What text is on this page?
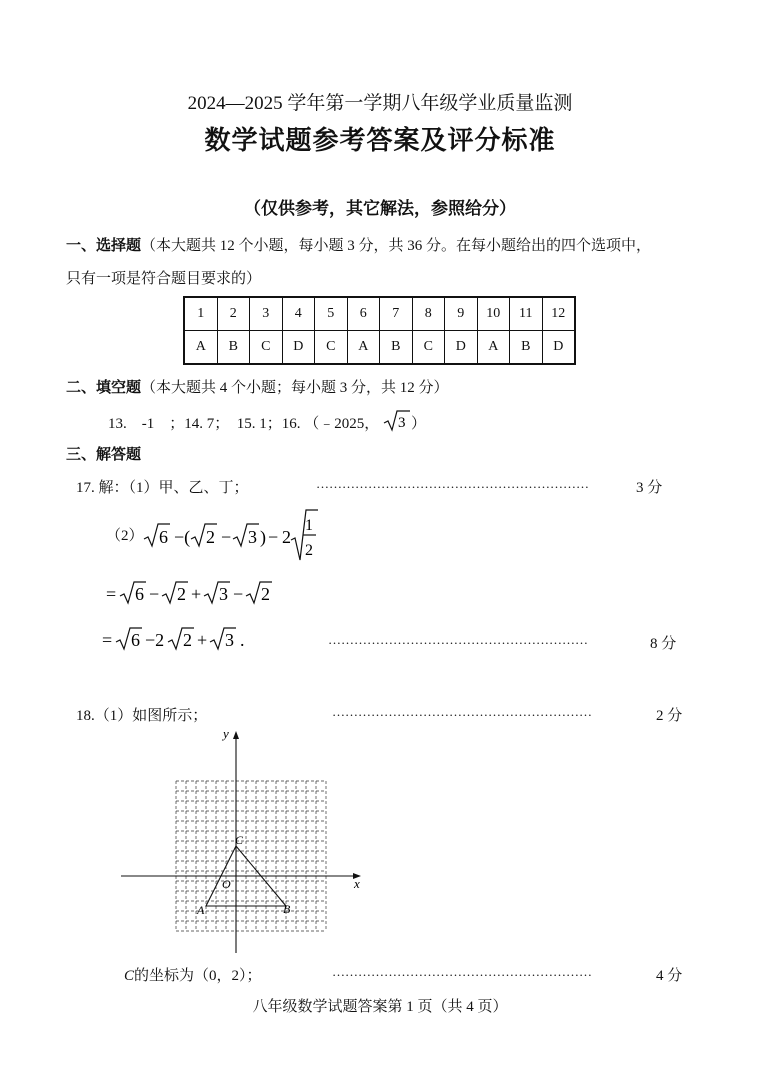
2024—2025 学年第一学期八年级学业质量监测
数学试题参考答案及评分标准
（仅供参考，其它解法，参照给分）
一、选择题（本大题共 12 个小题，每小题 3 分，共 36 分。在每小题给出的四个选项中，
只有一项是符合题目要求的）
1	2	3	4	5	6	7	8	9	10	11	12
A	B	C	D	C	A	B	C	D	A	B	D
二、填空题（本大题共 4 个小题；每小题 3 分，共 12 分）
13.　-1　；14. 7；　15. 1；16. （﹣2025， 3 ）
三、解答题
17. 解：（1）甲、乙、丁；	………………………………………………………	3 分
（2） 6 −( 2 − 3 ) − 2
1
2
= 6 − 2 + 3 − 2
= 6 −2 2 + 3 .	……………………………………………………	8 分
18.（1）如图所示；	……………………………………………………	2 分
x
y
O
A	B
C
C的坐标为（0，2）；	……………………………………………………	4 分
八年级数学试题答案第 1 页（共 4 页）
